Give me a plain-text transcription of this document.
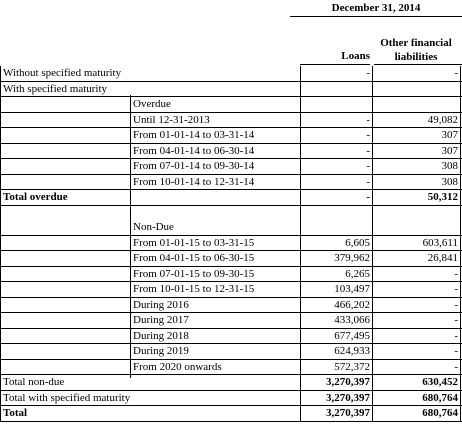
December 31, 2014
Loans
Other financial
liabilities
Without specified maturity	-	-
With specified maturity
Overdue
Until 12-31-2013	-	49,082
From 01-01-14 to 03-31-14	-	307
From 04-01-14 to 06-30-14	-	307
From 07-01-14 to 09-30-14	-	308
From 10-01-14 to 12-31-14	-	308
Total overdue	-	50,312
Non-Due
From 01-01-15 to 03-31-15	6,605	603,611
From 04-01-15 to 06-30-15	379,962	26,841
From 07-01-15 to 09-30-15	6,265	-
From 10-01-15 to 12-31-15	103,497	-
During 2016	466,202	-
During 2017	433,066	-
During 2018	677,495	-
During 2019	624,933	-
From 2020 onwards	572,372	-
Total non-due	3,270,397	630,452
Total with specified maturity	3,270,397	680,764
Total	3,270,397	680,764
